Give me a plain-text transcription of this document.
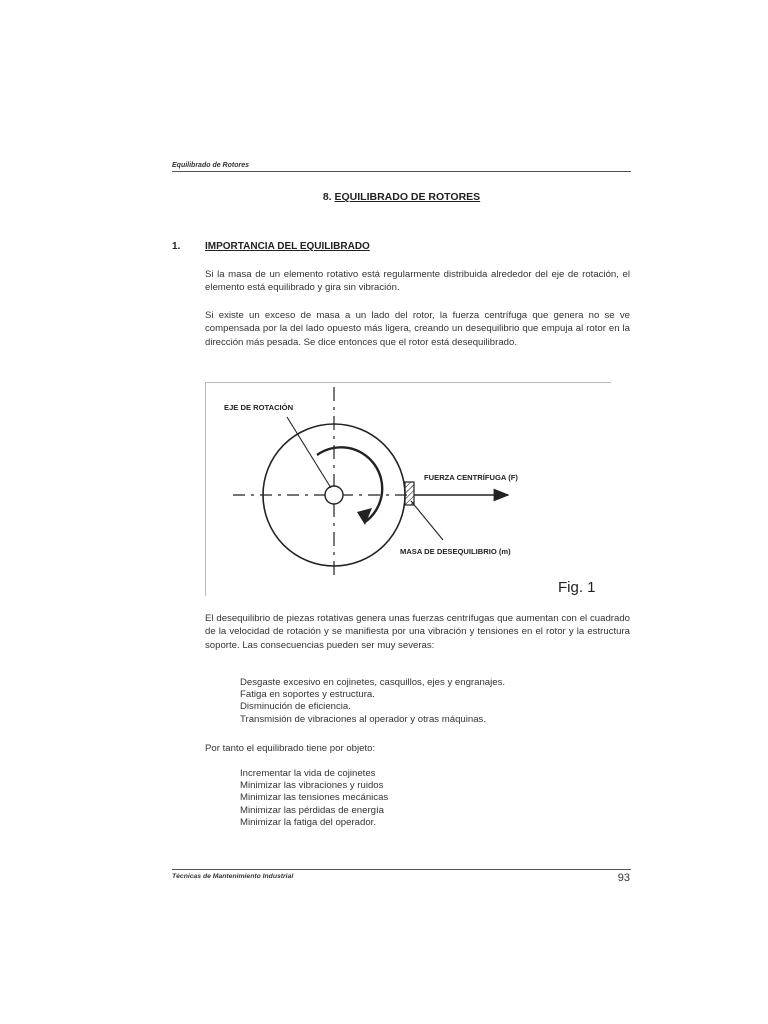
Equilibrado de Rotores
8. EQUILIBRADO DE ROTORES
1. IMPORTANCIA DEL EQUILIBRADO
Si la masa de un elemento rotativo está regularmente distribuida alrededor del eje de rotación, el elemento está equilibrado y gira sin vibración.
Si existe un exceso de masa a un lado del rotor, la fuerza centrífuga que genera no se ve compensada por la del lado opuesto más ligera, creando un desequilibrio que empuja al rotor en la dirección más pesada. Se dice entonces que el rotor está desequilibrado.
EJE DE ROTACIÓN
FUERZA CENTRÍFUGA (F)
MASA DE DESEQUILIBRIO (m)
Fig. 1
El desequilibrio de piezas rotativas genera unas fuerzas centrífugas que aumentan con el cuadrado de la velocidad de rotación y se manifiesta por una vibración y tensiones en el rotor y la estructura soporte. Las consecuencias pueden ser muy severas:
Desgaste excesivo en cojinetes, casquillos, ejes y engranajes.
Fatiga en soportes y estructura.
Disminución de eficiencia.
Transmisión de vibraciones al operador y otras máquinas.
Por tanto el equilibrado tiene por objeto:
Incrementar la vida de cojinetes
Minimizar las vibraciones y ruidos
Minimizar las tensiones mecánicas
Minimizar las pérdidas de energía
Minimizar la fatiga del operador.
Técnicas de Mantenimiento Industrial	93
